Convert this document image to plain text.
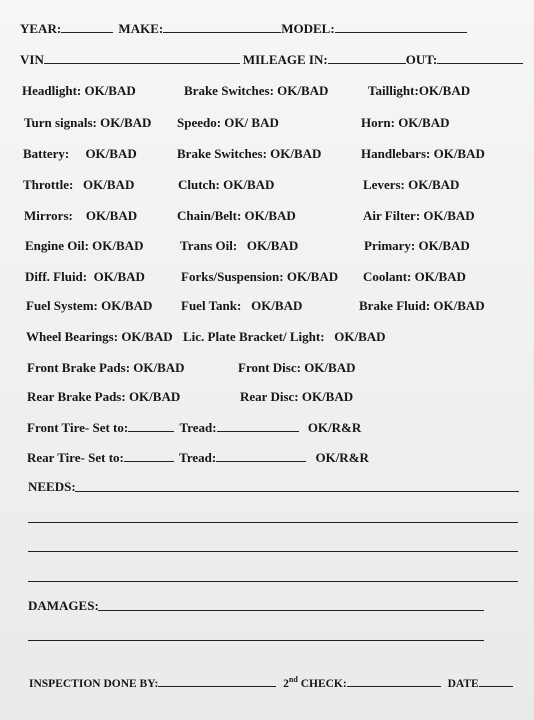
YEAR:	MAKE:	MODEL:
VIN	MILEAGE IN:	OUT:
Headlight: OK/BAD	Brake Switches: OK/BAD	Taillight:OK/BAD
Turn signals: OK/BAD Speedo: OK/ BAD	Horn: OK/BAD
Battery:     OK/BAD	Brake Switches: OK/BAD	Handlebars: OK/BAD
Throttle:   OK/BAD	Clutch: OK/BAD	Levers: OK/BAD
Mirrors:    OK/BAD	Chain/Belt: OK/BAD	Air Filter: OK/BAD
Engine Oil: OK/BAD	Trans Oil:   OK/BAD	Primary: OK/BAD
Diff. Fluid:  OK/BAD	Forks/Suspension: OK/BAD Coolant: OK/BAD
Fuel System: OK/BAD Fuel Tank:   OK/BAD	Brake Fluid: OK/BAD
Wheel Bearings: OK/BAD Lic. Plate Bracket/ Light:   OK/BAD
Front Brake Pads: OK/BAD	Front Disc: OK/BAD
Rear Brake Pads: OK/BAD	Rear Disc: OK/BAD
Front Tire- Set to:	Tread:	OK/R&R
Rear Tire- Set to:	Tread:	OK/R&R
NEEDS:
DAMAGES:
INSPECTION DONE BY:	2nd CHECK:	DATE
